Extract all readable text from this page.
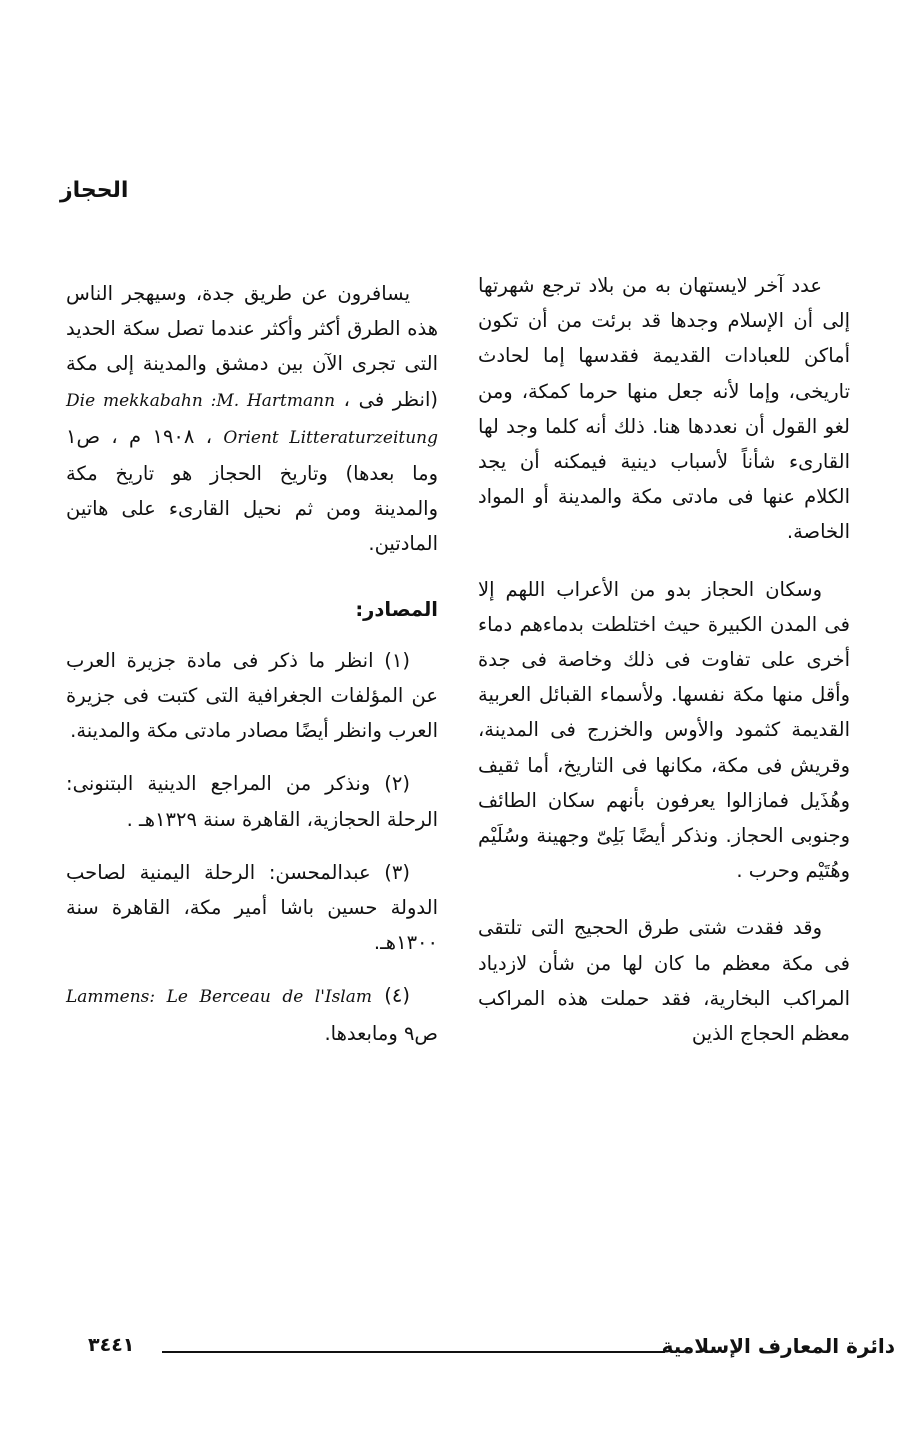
الحجاز

عدد آخر لايستهان به من بلاد ترجع شهرتها إلى أن الإسلام وجدها قد برئت من أن تكون أماكن للعبادات القديمة فقدسها إما لحادث تاريخى، وإما لأنه جعل منها حرما كمكة، ومن لغو القول أن نعددها هنا. ذلك أنه كلما وجد لها القارىء شأناً لأسباب دينية فيمكنه أن يجد الكلام عنها فى مادتى مكة والمدينة أو المواد الخاصة.

وسكان الحجاز بدو من الأعراب اللهم إلا فى المدن الكبيرة حيث اختلطت بدماءهم دماء أخرى على تفاوت فى ذلك وخاصة فى جدة وأقل منها مكة نفسها. ولأسماء القبائل العربية القديمة كثمود والأوس والخزرج فى المدينة، وقريش فى مكة، مكانها فى التاريخ، أما ثقيف وهُذَيل فمازالوا يعرفون بأنهم سكان الطائف وجنوبى الحجاز. ونذكر أيضًا بَلِىّ وجهينة وسُلَيْم وهُتَيْم وحرب .

وقد فقدت شتى طرق الحجيج التى تلتقى فى مكة معظم ما كان لها من شأن لازدياد المراكب البخارية، فقد حملت هذه المراكب معظم الحجاج الذين

يسافرون عن طريق جدة، وسيهجر الناس هذه الطرق أكثر وأكثر عندما تصل سكة الحديد التى تجرى الآن بين دمشق والمدينة إلى مكة (انظر فى ، Die mekkabahn :M. Hartmann Orient Litteraturzeitung ، ١٩٠٨ م ، ص١ وما بعدها) وتاريخ الحجاز هو تاريخ مكة والمدينة ومن ثم نحيل القارىء على هاتين المادتين.

المصادر:

(١) انظر ما ذكر فى مادة جزيرة العرب عن المؤلفات الجغرافية التى كتبت فى جزيرة العرب وانظر أيضًا مصادر مادتى مكة والمدينة.

(٢) ونذكر من المراجع الدينية البتنونى: الرحلة الحجازية، القاهرة سنة ١٣٢٩هـ .

(٣) عبدالمحسن: الرحلة اليمنية لصاحب الدولة حسين باشا أمير مكة، القاهرة سنة ١٣٠٠هـ.

(٤) Lammens: Le Berceau de l'Islam ص٩ ومابعدها.

دائرة المعارف الإسلامية
٣٤٤١
